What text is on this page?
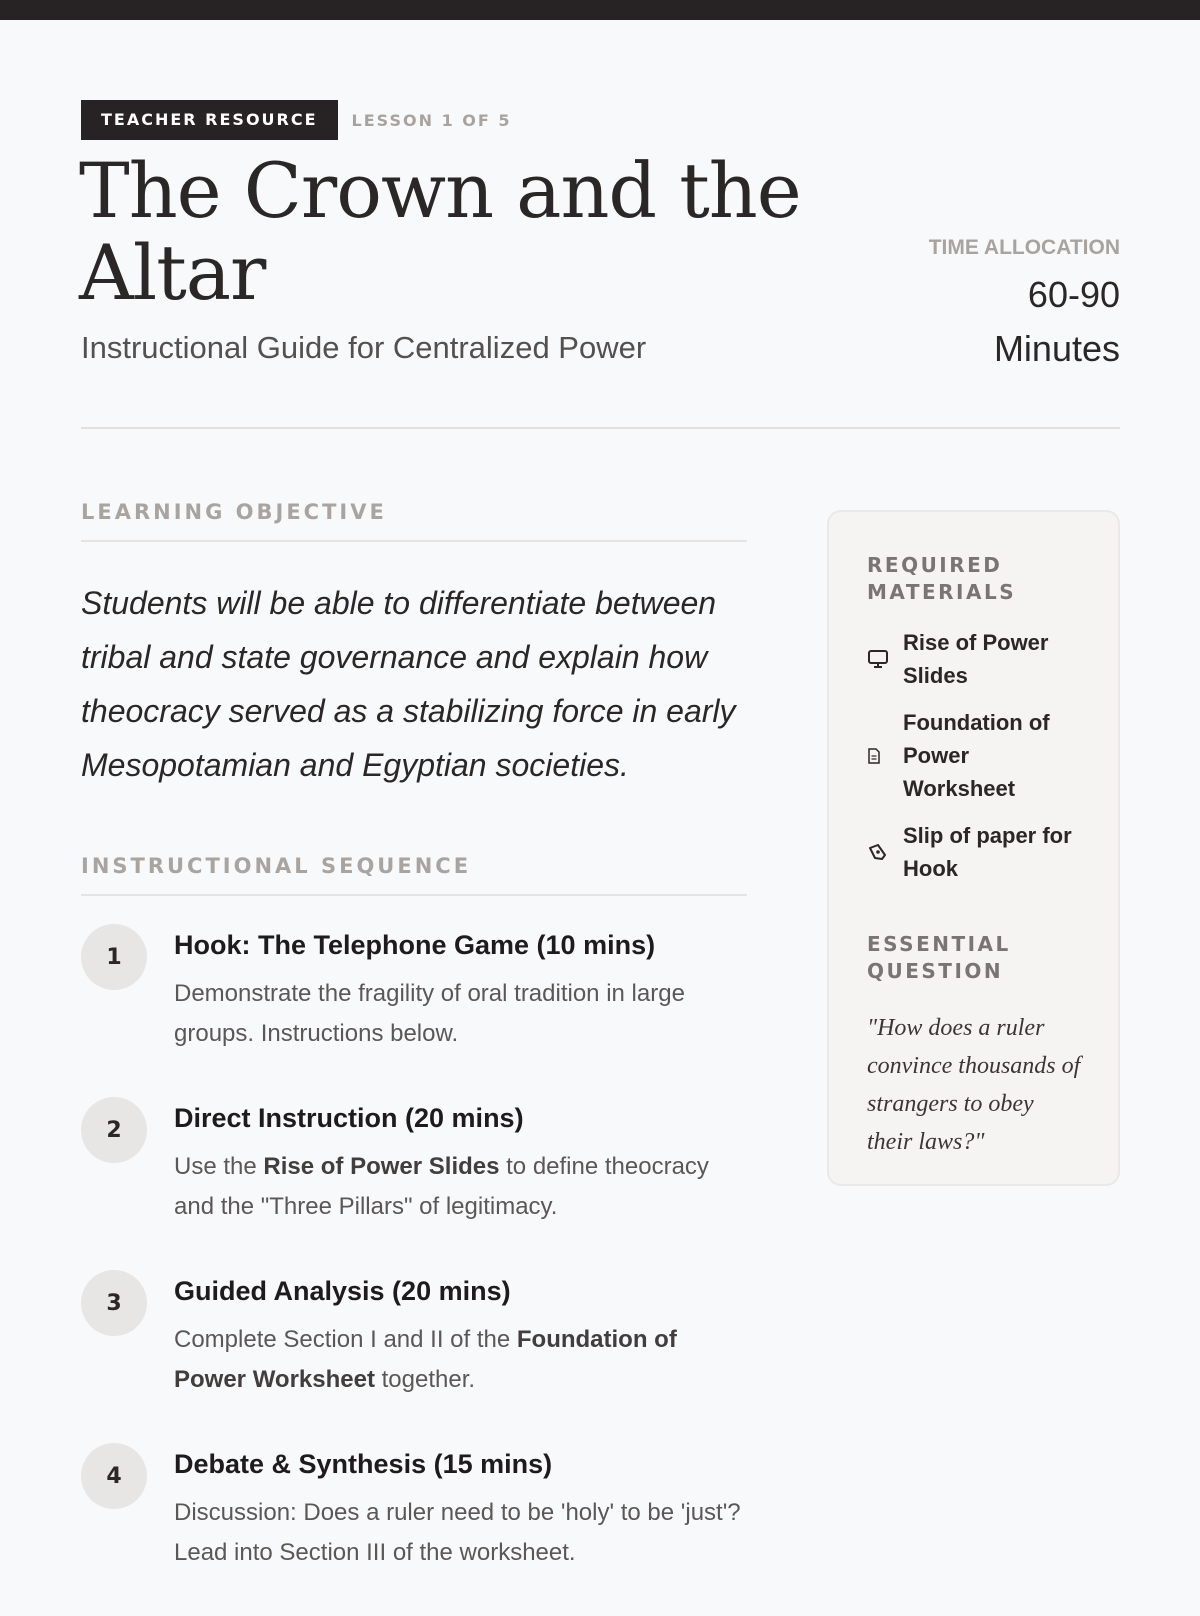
TEACHER RESOURCE	LESSON 1 OF 5
The Crown and the Altar
Instructional Guide for Centralized Power
TIME ALLOCATION
60-90 Minutes
LEARNING OBJECTIVE
Students will be able to differentiate between tribal and state governance and explain how theocracy served as a stabilizing force in early Mesopotamian and Egyptian societies.
INSTRUCTIONAL SEQUENCE
1	Hook: The Telephone Game (10 mins)
Demonstrate the fragility of oral tradition in large groups. Instructions below.
2	Direct Instruction (20 mins)
Use the Rise of Power Slides to define theocracy and the "Three Pillars" of legitimacy.
3	Guided Analysis (20 mins)
Complete Section I and II of the Foundation of Power Worksheet together.
4	Debate & Synthesis (15 mins)
Discussion: Does a ruler need to be 'holy' to be 'just'? Lead into Section III of the worksheet.
REQUIRED MATERIALS
Rise of Power Slides
Foundation of Power Worksheet
Slip of paper for Hook
ESSENTIAL QUESTION
"How does a ruler convince thousands of strangers to obey their laws?"
